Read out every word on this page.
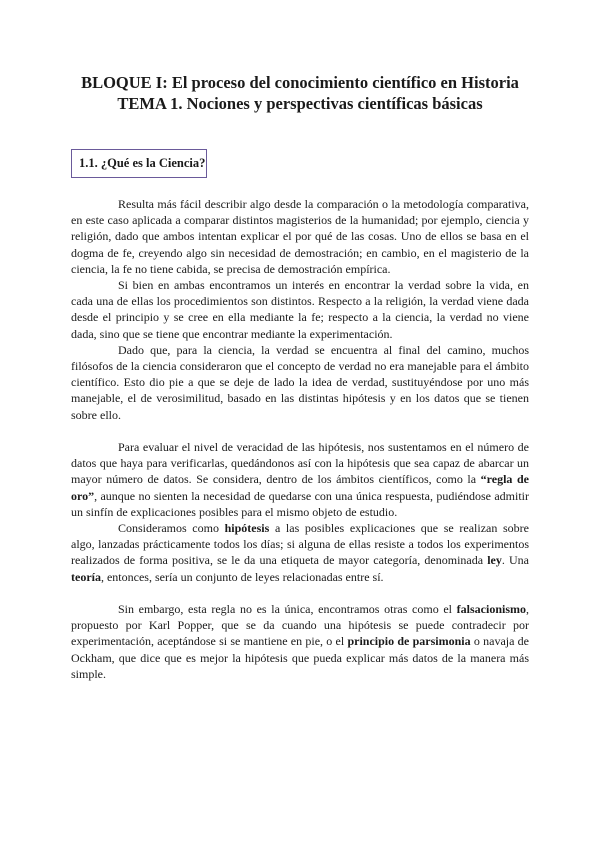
BLOQUE I: El proceso del conocimiento científico en Historia

TEMA 1. Nociones y perspectivas científicas básicas

1.1. ¿Qué es la Ciencia?

Resulta más fácil describir algo desde la comparación o la metodología comparativa, en este caso aplicada a comparar distintos magisterios de la humanidad; por ejemplo, ciencia y religión, dado que ambos intentan explicar el por qué de las cosas. Uno de ellos se basa en el dogma de fe, creyendo algo sin necesidad de demostración; en cambio, en el magisterio de la ciencia, la fe no tiene cabida, se precisa de demostración empírica.

Si bien en ambas encontramos un interés en encontrar la verdad sobre la vida, en cada una de ellas los procedimientos son distintos. Respecto a la religión, la verdad viene dada desde el principio y se cree en ella mediante la fe; respecto a la ciencia, la verdad no viene dada, sino que se tiene que encontrar mediante la experimentación.

Dado que, para la ciencia, la verdad se encuentra al final del camino, muchos filósofos de la ciencia consideraron que el concepto de verdad no era manejable para el ámbito científico. Esto dio pie a que se deje de lado la idea de verdad, sustituyéndose por uno más manejable, el de verosimilitud, basado en las distintas hipótesis y en los datos que se tienen sobre ello.

Para evaluar el nivel de veracidad de las hipótesis, nos sustentamos en el número de datos que haya para verificarlas, quedándonos así con la hipótesis que sea capaz de abarcar un mayor número de datos. Se considera, dentro de los ámbitos científicos, como la “regla de oro”, aunque no sienten la necesidad de quedarse con una única respuesta, pudiéndose admitir un sinfín de explicaciones posibles para el mismo objeto de estudio.

Consideramos como hipótesis a las posibles explicaciones que se realizan sobre algo, lanzadas prácticamente todos los días; si alguna de ellas resiste a todos los experimentos realizados de forma positiva, se le da una etiqueta de mayor categoría, denominada ley. Una teoría, entonces, sería un conjunto de leyes relacionadas entre sí.

Sin embargo, esta regla no es la única, encontramos otras como el falsacionismo, propuesto por Karl Popper, que se da cuando una hipótesis se puede contradecir por experimentación, aceptándose si se mantiene en pie, o el principio de parsimonia o navaja de Ockham, que dice que es mejor la hipótesis que pueda explicar más datos de la manera más simple.
